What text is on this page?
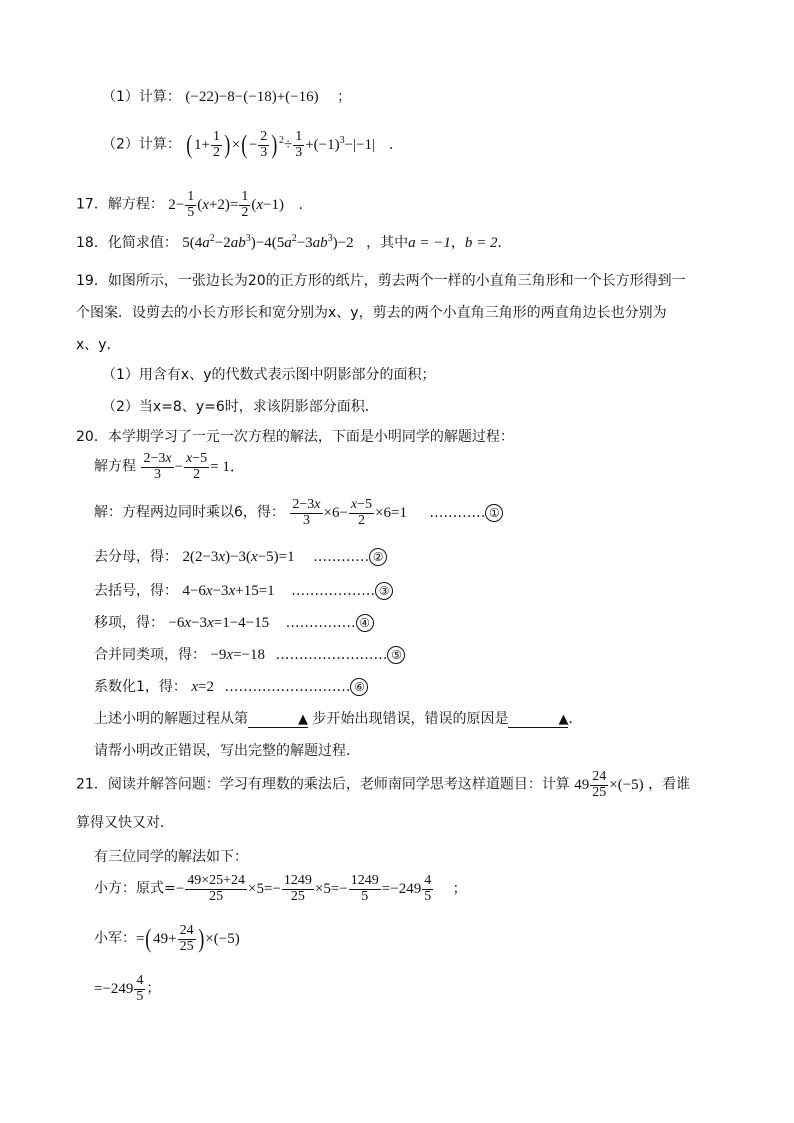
（1）计算： (−22)−8−(−18)+(−16) ；
（2）计算： ($1+ \frac{1}{2}$ )×(− $\frac{2}{3} )^2\div \frac{1}{3} +(-1)^3-|-1|$ .
17．解方程： $2- \frac{1}{5} (x+2)= \frac{1}{2} (x-1)$ .
18．化简求值： $5(4a^2-2ab^3)-4(5a^2-3ab^3)-2$ ，其中a = −1，b = 2．
19．如图所示，一张边长为20的正方形的纸片，剪去两个一样的小直角三角形和一个长方形得到一
个图案．设剪去的小长方形长和宽分别为x、y，剪去的两个小直角三角形的两直角边长也分别为
x、y．
（1）用含有x、y的代数式表示图中阴影部分的面积；
（2）当x=8、y=6时，求该阴影部分面积．
20．本学期学习了一元一次方程的解法，下面是小明同学的解题过程：
解方程 $\frac{2-3x}{3} - \frac{x-5}{2} = 1$．
解：方程两边同时乘以6，得： $\frac{2-3x}{3} \times 6- \frac{x-5}{2} \times 6=1$ ………… ①
去分母，得： 2(2−3x)−3(x−5)=1 ………… ②
去括号，得： 4−6x−3x+15=1 ……………… ③
移项，得： −6x−3x=1−4−15 …………… ④
合并同类项，得： −9x=−18 …………………… ⑤
系数化1，得： x=2 ……………………… ⑥
上述小明的解题过程从第	▲ 步开始出现错误，错误的原因是	▲．
请帮小明改正错误，写出完整的解题过程．
21．阅读并解答问题：学习有理数的乘法后，老师南同学思考这样道题目：计算 $49 \frac{24}{25} \times(-5)$ ，看谁
算得又快又对．
有三位同学的解法如下：
小方：原式=− $\frac{49\times 25+24}{25} \times 5=- \frac{1249}{25} \times 5=- \frac{1249}{5} =-249 \frac{4}{5}$ ；
小军：$=(49+ \frac{24}{25} )\times(-5)$
$=-249 \frac{4}{5}$ ；
